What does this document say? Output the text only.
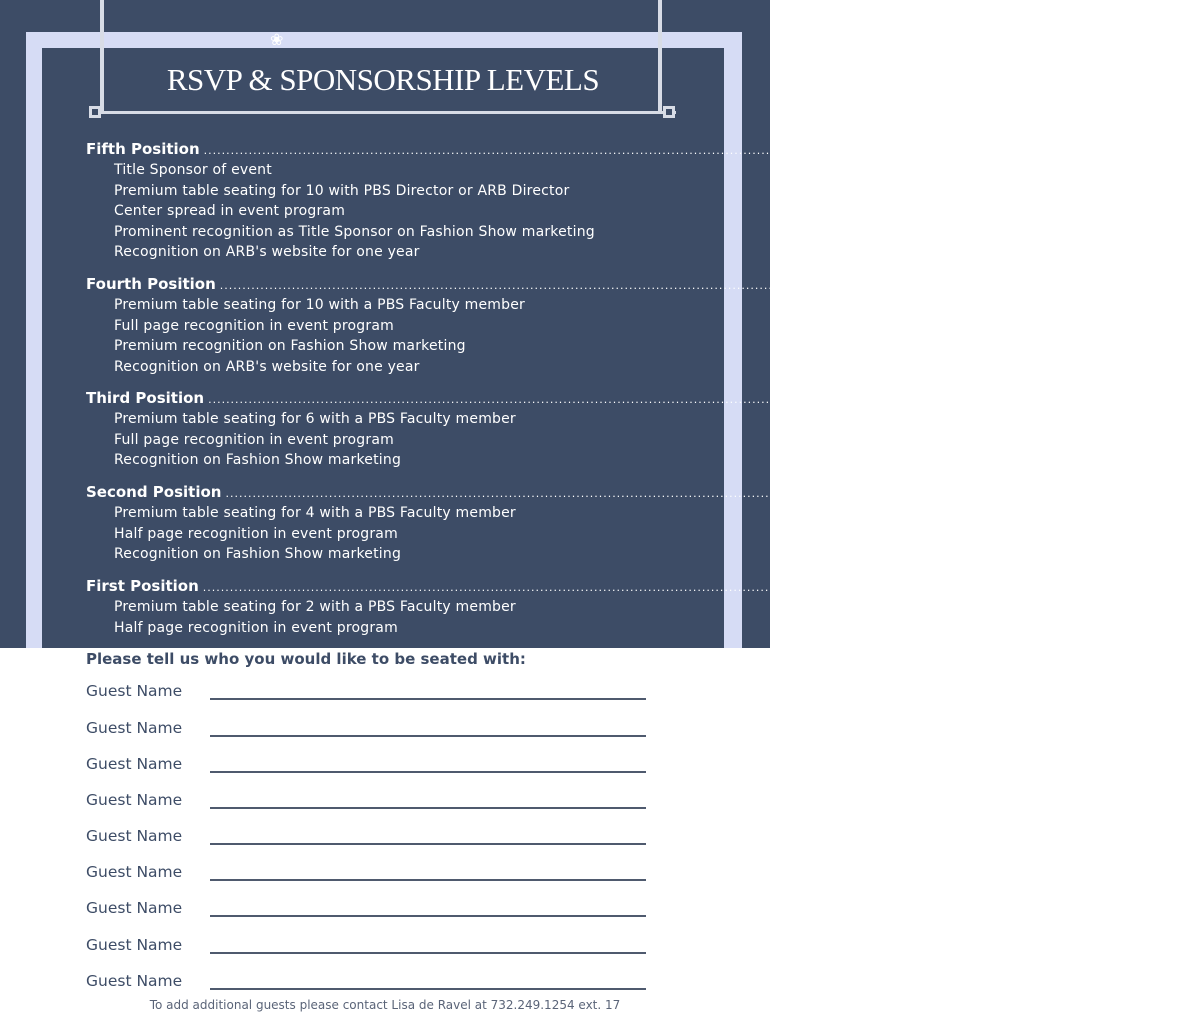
❀
RSVP & SPONSORSHIP LEVELS
Fifth Position ........................................................................................................................................................................................................ $5,000
Title Sponsor of event
Premium table seating for 10 with PBS Director or ARB Director
Center spread in event program
Prominent recognition as Title Sponsor on Fashion Show marketing
Recognition on ARB's website for one year
Fourth Position ........................................................................................................................................................................................................ $2,500
Premium table seating for 10 with a PBS Faculty member
Full page recognition in event program
Premium recognition on Fashion Show marketing
Recognition on ARB's website for one year
Third Position ........................................................................................................................................................................................................ $1,000
Premium table seating for 6 with a PBS Faculty member
Full page recognition in event program
Recognition on Fashion Show marketing
Second Position ........................................................................................................................................................................................................ $500
Premium table seating for 4 with a PBS Faculty member
Half page recognition in event program
Recognition on Fashion Show marketing
First Position ........................................................................................................................................................................................................ $250
Premium table seating for 2 with a PBS Faculty member
Half page recognition in event program
Please tell us who you would like to be seated with:
Guest Name
Guest Name
Guest Name
Guest Name
Guest Name
Guest Name
Guest Name
Guest Name
Guest Name
To add additional guests please contact Lisa de Ravel at 732.249.1254 ext. 17
